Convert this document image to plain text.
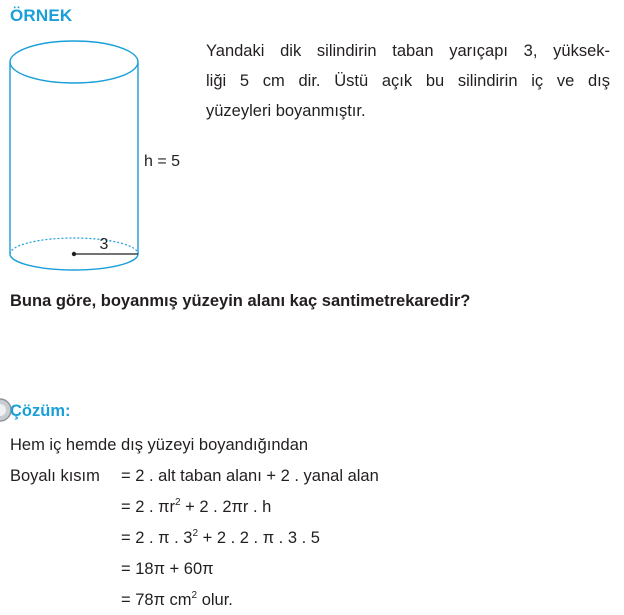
ÖRNEK
3
h = 5
Yandaki dik silindirin taban yarıçapı 3, yüksek-
liği 5 cm dir. Üstü açık bu silindirin iç ve dış
yüzeyleri boyanmıştır.
Buna göre, boyanmış yüzeyin alanı kaç santimetrekaredir?
Çözüm:
Hem iç hemde dış yüzeyi boyandığından
Boyalı kısım = 2 . alt taban alanı + 2 . yanal alan
= 2 . $\pi r^2 + 2$ . 2πr . h
= 2 . π . $3^2 + 2$ . 2 . π . 3 . 5
= 18π + 60π
= 78π $cm^2$ olur.
